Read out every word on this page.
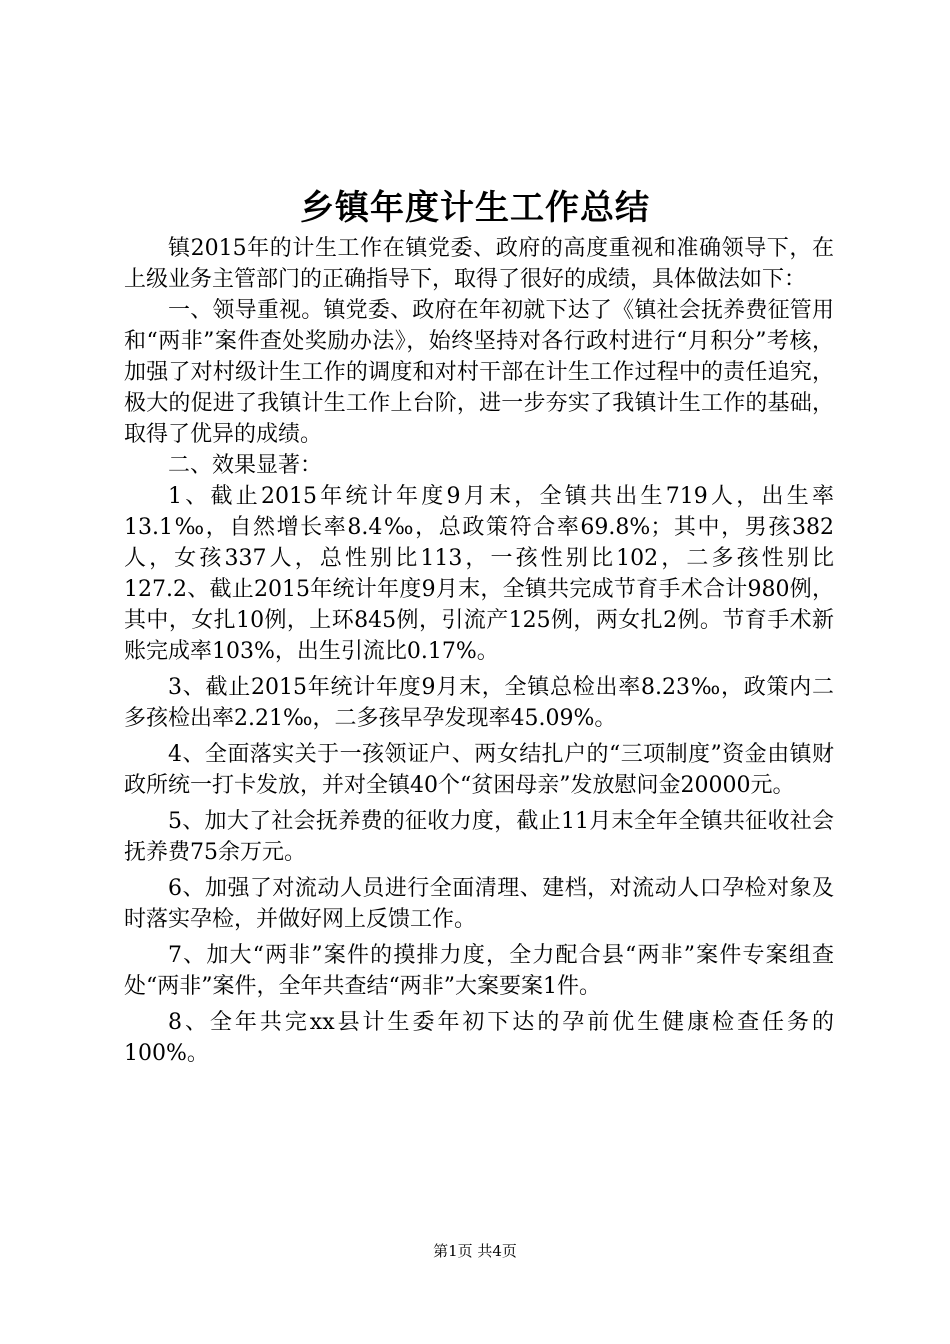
乡镇年度计生工作总结

镇2015年的计生工作在镇党委、政府的高度重视和准确领导下，在上级业务主管部门的正确指导下，取得了很好的成绩，具体做法如下：

一、领导重视。镇党委、政府在年初就下达了《镇社会抚养费征管用和“两非”案件查处奖励办法》，始终坚持对各行政村进行“月积分”考核，加强了对村级计生工作的调度和对村干部在计生工作过程中的责任追究，极大的促进了我镇计生工作上台阶，进一步夯实了我镇计生工作的基础，取得了优异的成绩。

二、效果显著：

1、截止2015年统计年度9月末，全镇共出生719人，出生率13.1‰，自然增长率8.4‰，总政策符合率69.8%；其中，男孩382人，女孩337人，总性别比113，一孩性别比102，二多孩性别比127.2、截止2015年统计年度9月末，全镇共完成节育手术合计980例，其中，女扎10例，上环845例，引流产125例，两女扎2例。节育手术新账完成率103%，出生引流比0.17%。

3、截止2015年统计年度9月末，全镇总检出率8.23‰，政策内二多孩检出率2.21‰，二多孩早孕发现率45.09%。

4、全面落实关于一孩领证户、两女结扎户的“三项制度”资金由镇财政所统一打卡发放，并对全镇40个“贫困母亲”发放慰问金20000元。

5、加大了社会抚养费的征收力度，截止11月末全年全镇共征收社会抚养费75余万元。

6、加强了对流动人员进行全面清理、建档，对流动人口孕检对象及时落实孕检，并做好网上反馈工作。

7、加大“两非”案件的摸排力度，全力配合县“两非”案件专案组查处“两非”案件，全年共查结“两非”大案要案1件。

8、全年共完xx县计生委年初下达的孕前优生健康检查任务的100%。

第1页 共4页
